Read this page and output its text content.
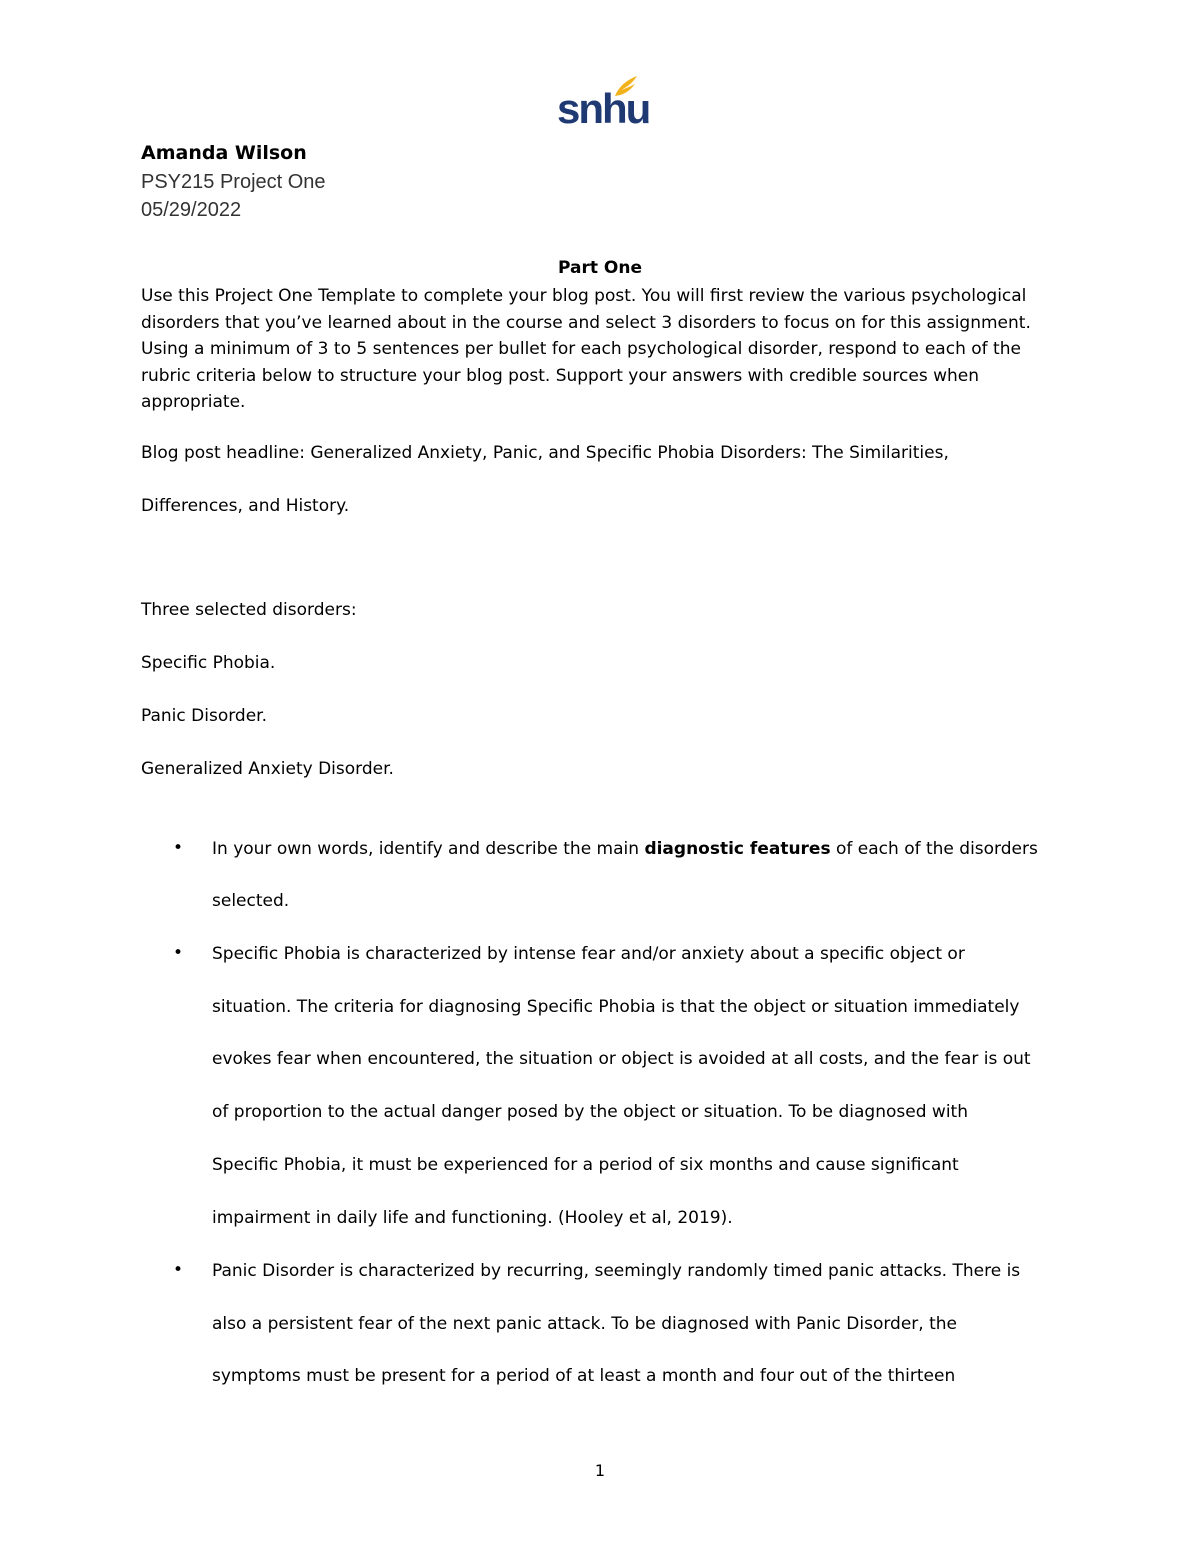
snhu
Amanda Wilson
PSY215 Project One
05/29/2022
Part One
Use this Project One Template to complete your blog post. You will first review the various psychological
disorders that you’ve learned about in the course and select 3 disorders to focus on for this assignment.
Using a minimum of 3 to 5 sentences per bullet for each psychological disorder, respond to each of the
rubric criteria below to structure your blog post. Support your answers with credible sources when
appropriate.
Blog post headline: Generalized Anxiety, Panic, and Specific Phobia Disorders: The Similarities,
Differences, and History.
Three selected disorders:
Specific Phobia.
Panic Disorder.
Generalized Anxiety Disorder.
• In your own words, identify and describe the main diagnostic features of each of the disorders
selected.
• Specific Phobia is characterized by intense fear and/or anxiety about a specific object or
situation. The criteria for diagnosing Specific Phobia is that the object or situation immediately
evokes fear when encountered, the situation or object is avoided at all costs, and the fear is out
of proportion to the actual danger posed by the object or situation. To be diagnosed with
Specific Phobia, it must be experienced for a period of six months and cause significant
impairment in daily life and functioning. (Hooley et al, 2019).
• Panic Disorder is characterized by recurring, seemingly randomly timed panic attacks. There is
also a persistent fear of the next panic attack. To be diagnosed with Panic Disorder, the
symptoms must be present for a period of at least a month and four out of the thirteen
1
